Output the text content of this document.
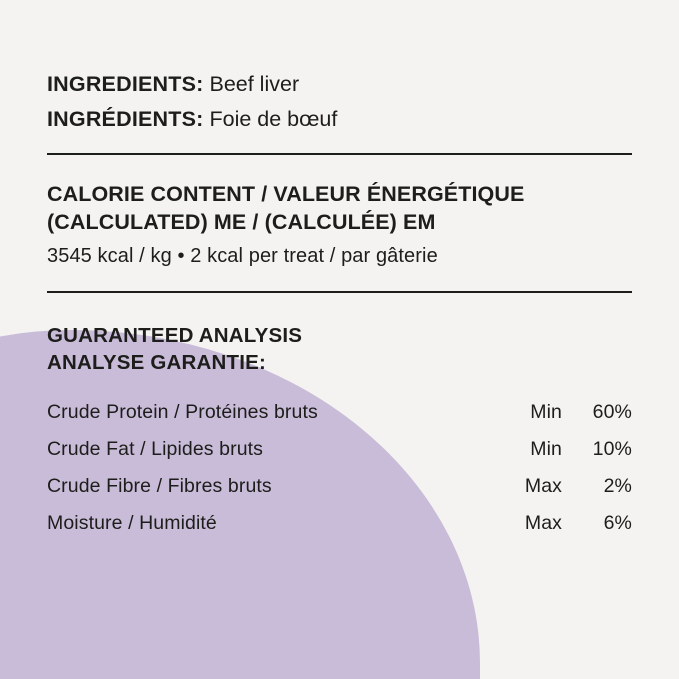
INGREDIENTS: Beef liver
INGRÉDIENTS: Foie de bœuf
CALORIE CONTENT / VALEUR ÉNERGÉTIQUE
(CALCULATED) ME / (CALCULÉE) EM
3545 kcal / kg • 2 kcal per treat / par gâterie
GUARANTEED ANALYSIS
ANALYSE GARANTIE:
Crude Protein / Protéines bruts	Min	60%
Crude Fat / Lipides bruts	Min	10%
Crude Fibre / Fibres bruts	Max	2%
Moisture / Humidité	Max	6%
